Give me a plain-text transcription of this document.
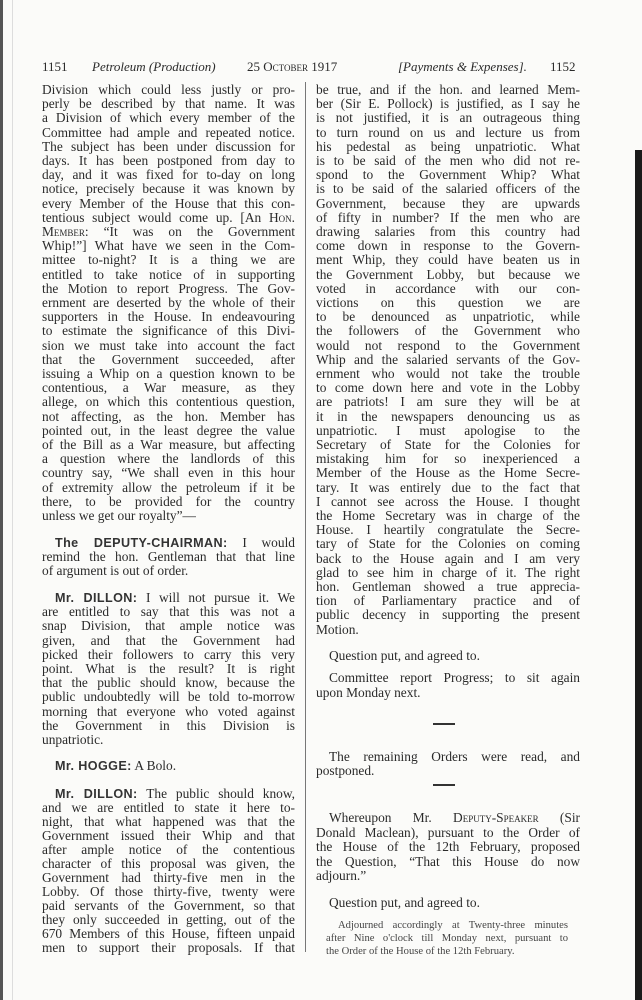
1151 Petroleum (Production) 25 October 1917	[Payments & Expenses]. 1152
Division which could less justly or pro-
perly be described by that name. It was
a Division of which every member of the
Committee had ample and repeated notice.
The subject has been under discussion for
days. It has been postponed from day to
day, and it was fixed for to-day on long
notice, precisely because it was known by
every Member of the House that this con-
tentious subject would come up. [An Hon.
Member: “It was on the Government
Whip!”] What have we seen in the Com-
mittee to-night? It is a thing we are
entitled to take notice of in supporting
the Motion to report Progress. The Gov-
ernment are deserted by the whole of their
supporters in the House. In endeavouring
to estimate the significance of this Divi-
sion we must take into account the fact
that the Government succeeded, after
issuing a Whip on a question known to be
contentious, a War measure, as they
allege, on which this contentious question,
not affecting, as the hon. Member has
pointed out, in the least degree the value
of the Bill as a War measure, but affecting
a question where the landlords of this
country say, “We shall even in this hour
of extremity allow the petroleum if it be
there, to be provided for the country
unless we get our royalty”—
The DEPUTY-CHAIRMAN: I would
remind the hon. Gentleman that that line
of argument is out of order.
Mr. DILLON: I will not pursue it. We
are entitled to say that this was not a
snap Division, that ample notice was
given, and that the Government had
picked their followers to carry this very
point. What is the result? It is right
that the public should know, because the
public undoubtedly will be told to-morrow
morning that everyone who voted against
the Government in this Division is
unpatriotic.
Mr. HOGGE: A Bolo.
Mr. DILLON: The public should know,
and we are entitled to state it here to-
night, that what happened was that the
Government issued their Whip and that
after ample notice of the contentious
character of this proposal was given, the
Government had thirty-five men in the
Lobby. Of those thirty-five, twenty were
paid servants of the Government, so that
they only succeeded in getting, out of the
670 Members of this House, fifteen unpaid
men to support their proposals. If that
be true, and if the hon. and learned Mem-
ber (Sir E. Pollock) is justified, as I say he
is not justified, it is an outrageous thing
to turn round on us and lecture us from
his pedestal as being unpatriotic. What
is to be said of the men who did not re-
spond to the Government Whip? What
is to be said of the salaried officers of the
Government, because they are upwards
of fifty in number? If the men who are
drawing salaries from this country had
come down in response to the Govern-
ment Whip, they could have beaten us in
the Government Lobby, but because we
voted in accordance with our con-
victions on this question we are
to be denounced as unpatriotic, while
the followers of the Government who
would not respond to the Government
Whip and the salaried servants of the Gov-
ernment who would not take the trouble
to come down here and vote in the Lobby
are patriots! I am sure they will be at
it in the newspapers denouncing us as
unpatriotic. I must apologise to the
Secretary of State for the Colonies for
mistaking him for so inexperienced a
Member of the House as the Home Secre-
tary. It was entirely due to the fact that
I cannot see across the House. I thought
the Home Secretary was in charge of the
House. I heartily congratulate the Secre-
tary of State for the Colonies on coming
back to the House again and I am very
glad to see him in charge of it. The right
hon. Gentleman showed a true apprecia-
tion of Parliamentary practice and of
public decency in supporting the present
Motion.
Question put, and agreed to.
Committee report Progress; to sit again
upon Monday next.
The remaining Orders were read, and
postponed.
Whereupon Mr. Deputy-Speaker (Sir
Donald Maclean), pursuant to the Order of
the House of the 12th February, proposed
the Question, “That this House do now
adjourn.”
Question put, and agreed to.
Adjourned accordingly at Twenty-three minutes
after Nine o'clock till Monday next, pursuant to
the Order of the House of the 12th February.
